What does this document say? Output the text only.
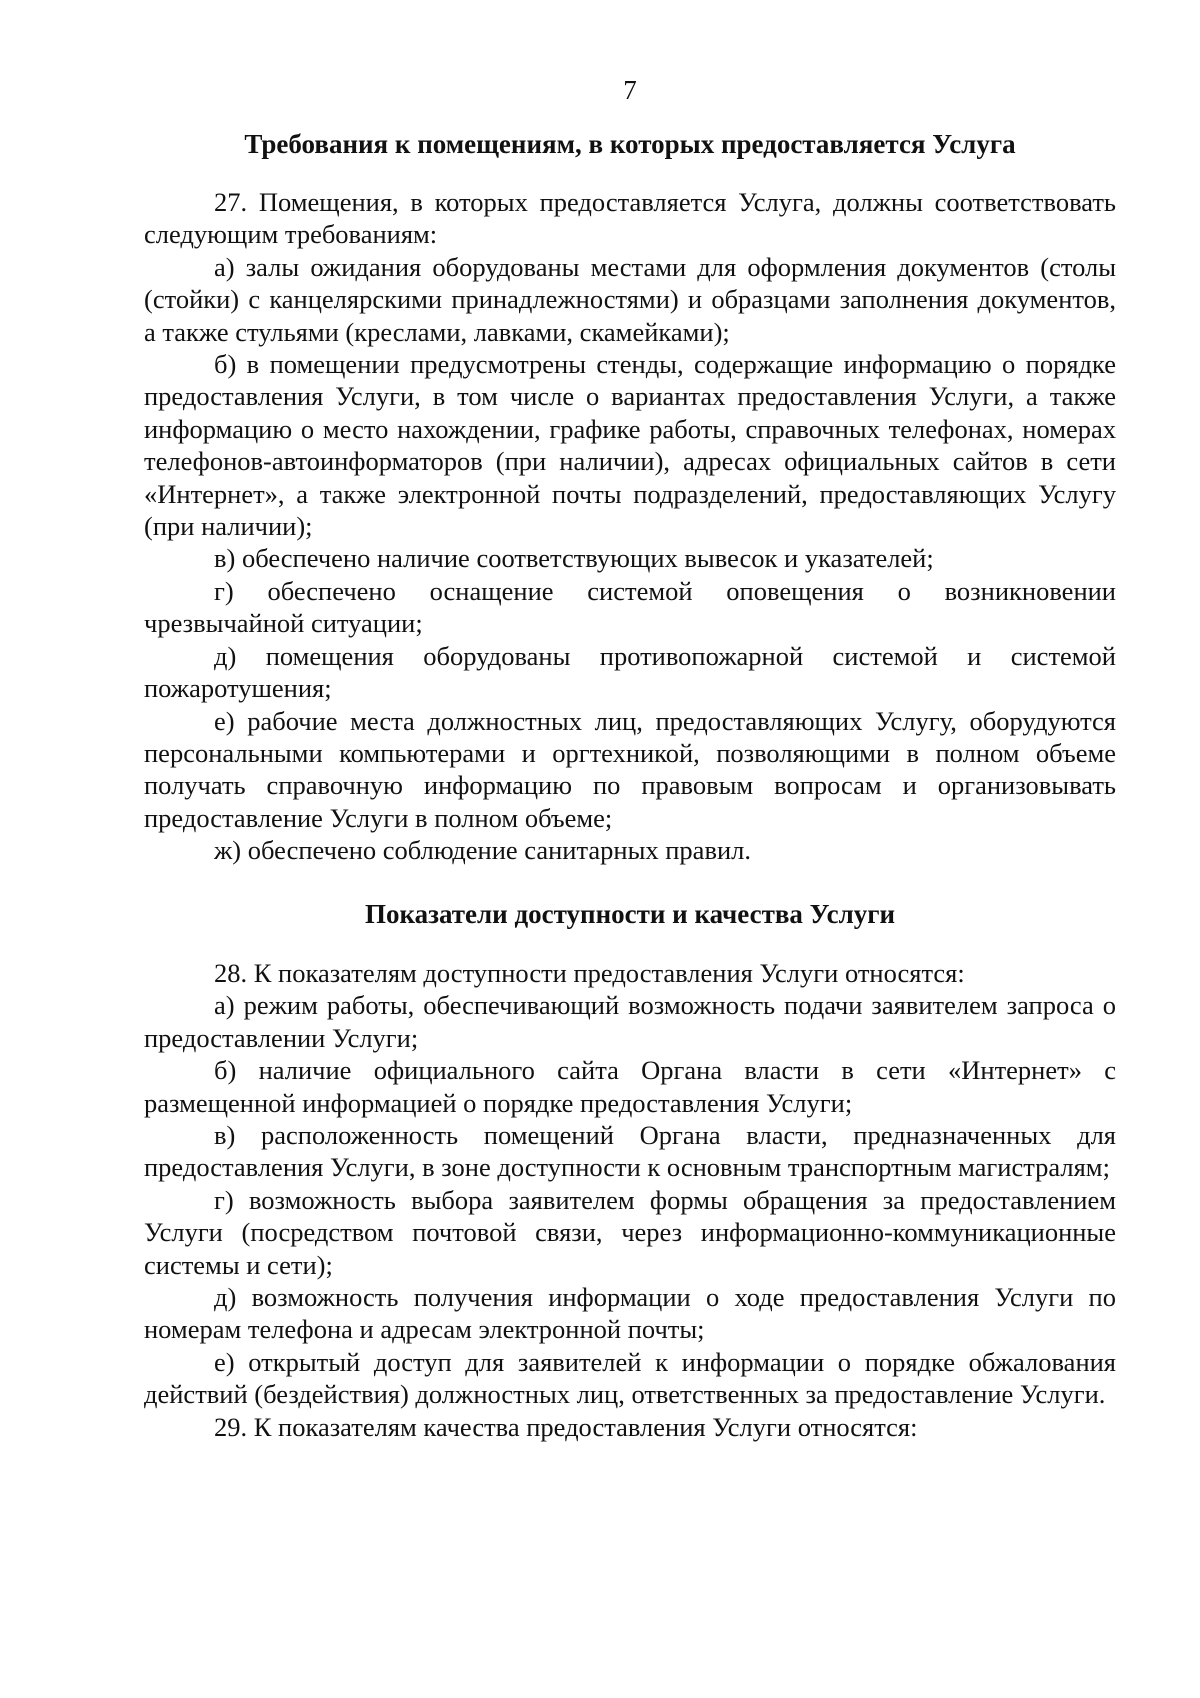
7
Требования к помещениям, в которых предоставляется Услуга

27. Помещения, в которых предоставляется Услуга, должны соответствовать следующим требованиям:

а) залы ожидания оборудованы местами для оформления документов (столы (стойки) с канцелярскими принадлежностями) и образцами заполнения документов, а также стульями (креслами, лавками, скамейками);

б) в помещении предусмотрены стенды, содержащие информацию о порядке предоставления Услуги, в том числе о вариантах предоставления Услуги, а также информацию о место нахождении, графике работы, справочных телефонах, номерах телефонов-автоинформаторов (при наличии), адресах официальных сайтов в сети «Интернет», а также электронной почты подразделений, предоставляющих Услугу (при наличии);

в) обеспечено наличие соответствующих вывесок и указателей;

г) обеспечено оснащение системой оповещения о возникновении чрезвычайной ситуации;

д) помещения оборудованы противопожарной системой и системой пожаротушения;

е) рабочие места должностных лиц, предоставляющих Услугу, оборудуются персональными компьютерами и оргтехникой, позволяющими в полном объеме получать справочную информацию по правовым вопросам и организовывать предоставление Услуги в полном объеме;

ж) обеспечено соблюдение санитарных правил.

Показатели доступности и качества Услуги

28. К показателям доступности предоставления Услуги относятся:

а) режим работы, обеспечивающий возможность подачи заявителем запроса о предоставлении Услуги;

б) наличие официального сайта Органа власти в сети «Интернет» с размещенной информацией о порядке предоставления Услуги;

в) расположенность помещений Органа власти, предназначенных для предоставления Услуги, в зоне доступности к основным транспортным магистралям;

г) возможность выбора заявителем формы обращения за предоставлением Услуги (посредством почтовой связи, через информационно-коммуникационные системы и сети);

д) возможность получения информации о ходе предоставления Услуги по номерам телефона и адресам электронной почты;

е) открытый доступ для заявителей к информации о порядке обжалования действий (бездействия) должностных лиц, ответственных за предоставление Услуги.

29. К показателям качества предоставления Услуги относятся:
